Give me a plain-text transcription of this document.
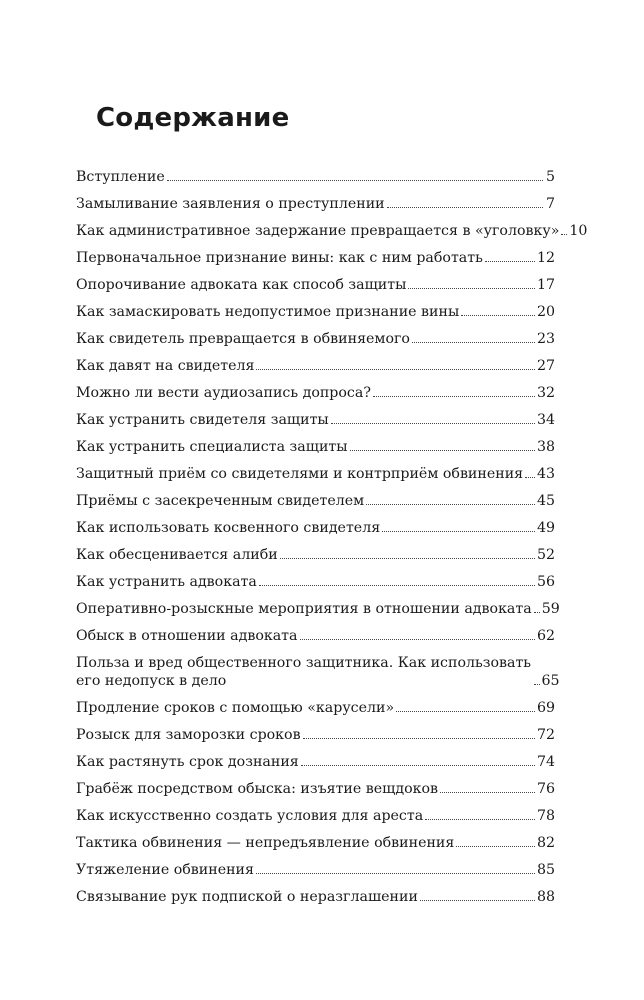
Содержание
Вступление	5
Замыливание заявления о преступлении	7
Как административное задержание превращается в «уголовку» 10
Первоначальное признание вины: как с ним работать	12
Опорочивание адвоката как способ защиты	17
Как замаскировать недопустимое признание вины	20
Как свидетель превращается в обвиняемого	23
Как давят на свидетеля	27
Можно ли вести аудиозапись допроса?	32
Как устранить свидетеля защиты	34
Как устранить специалиста защиты	38
Защитный приём со свидетелями и контрприём обвинения 43
Приёмы с засекреченным свидетелем	45
Как использовать косвенного свидетеля	49
Как обесценивается алиби	52
Как устранить адвоката	56
Оперативно-розыскные мероприятия в отношении адвоката 59
Обыск в отношении адвоката	62
Польза и вред общественного защитника. Как использовать его недопуск в дело	65
Продление сроков с помощью «карусели»	69
Розыск для заморозки сроков	72
Как растянуть срок дознания	74
Грабёж посредством обыска: изъятие вещдоков	76
Как искусственно создать условия для ареста	78
Тактика обвинения — непредъявление обвинения	82
Утяжеление обвинения	85
Связывание рук подпиской о неразглашении	88
